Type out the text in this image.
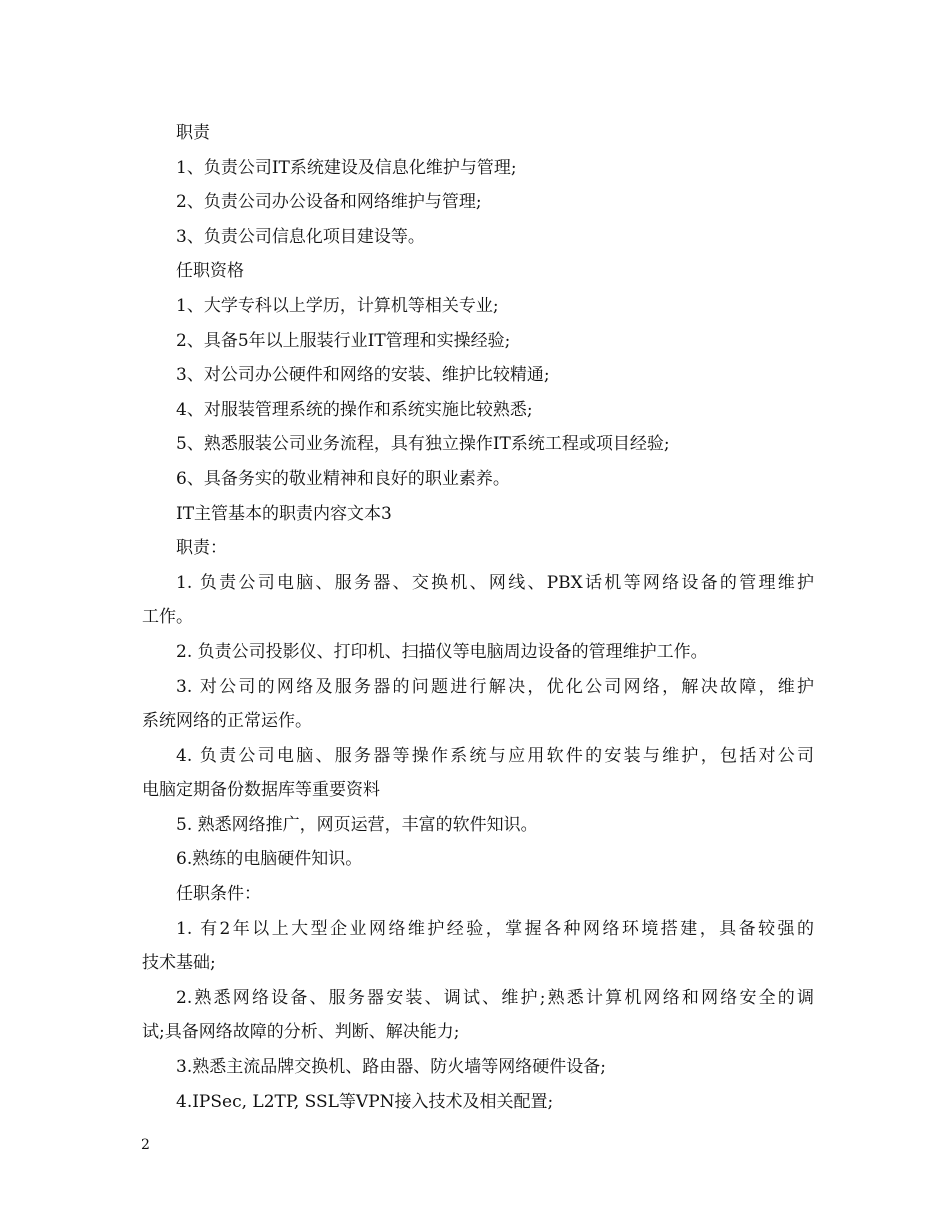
职责

1、负责公司IT系统建设及信息化维护与管理;

2、负责公司办公设备和网络维护与管理;

3、负责公司信息化项目建设等。

任职资格

1、大学专科以上学历，计算机等相关专业;

2、具备5年以上服装行业IT管理和实操经验;

3、对公司办公硬件和网络的安装、维护比较精通;

4、对服装管理系统的操作和系统实施比较熟悉;

5、熟悉服装公司业务流程，具有独立操作IT系统工程或项目经验;

6、具备务实的敬业精神和良好的职业素养。

IT主管基本的职责内容文本3

职责：

1. 负责公司电脑、服务器、交换机、网线、PBX话机等网络设备的管理维护

工作。

2. 负责公司投影仪、打印机、扫描仪等电脑周边设备的管理维护工作。

3. 对公司的网络及服务器的问题进行解决，优化公司网络，解决故障，维护

系统网络的正常运作。

4. 负责公司电脑、服务器等操作系统与应用软件的安装与维护，包括对公司

电脑定期备份数据库等重要资料

5. 熟悉网络推广，网页运营，丰富的软件知识。

6.熟练的电脑硬件知识。

任职条件：

1. 有2年以上大型企业网络维护经验，掌握各种网络环境搭建，具备较强的

技术基础;

2.熟悉网络设备、服务器安装、调试、维护;熟悉计算机网络和网络安全的调

试;具备网络故障的分析、判断、解决能力;

3.熟悉主流品牌交换机、路由器、防火墙等网络硬件设备;

4.IPSec, L2TP, SSL等VPN接入技术及相关配置;

2
